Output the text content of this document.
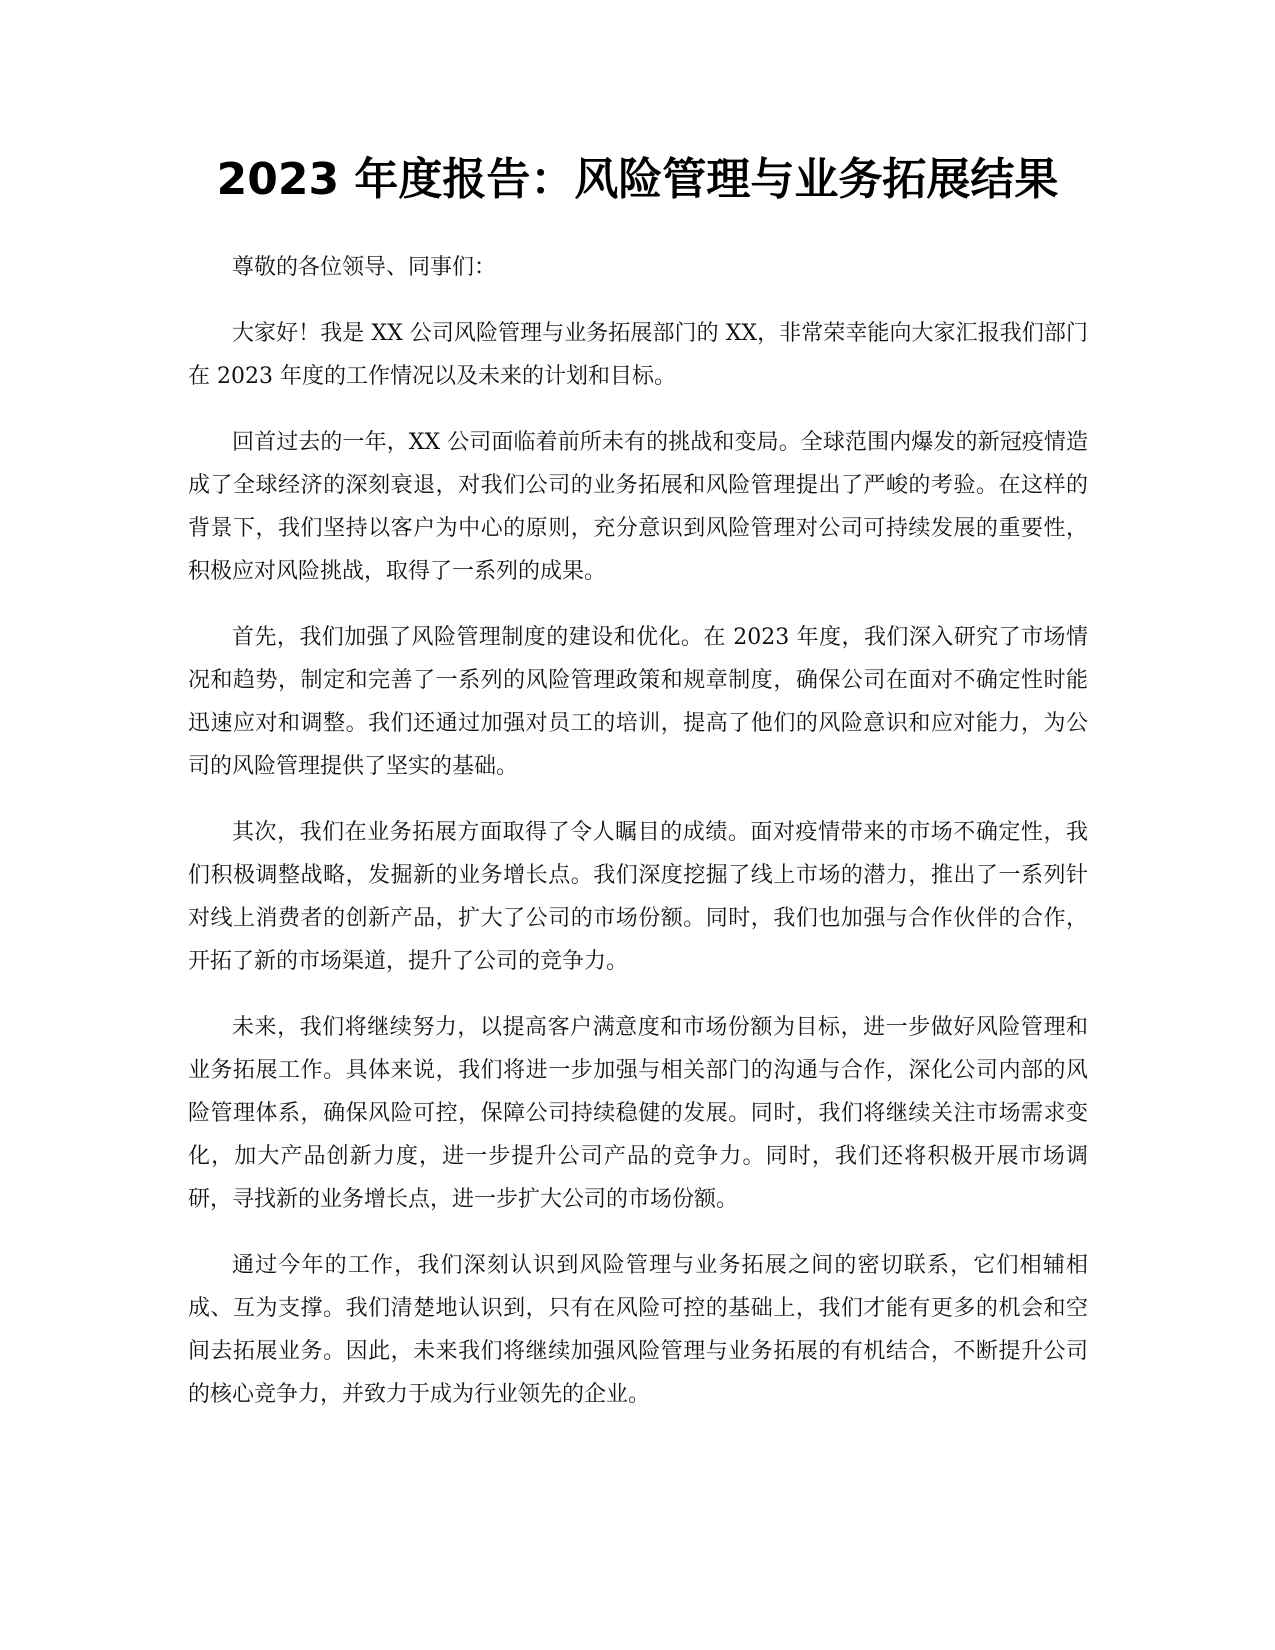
2023 年度报告：风险管理与业务拓展结果

尊敬的各位领导、同事们：

大家好！我是 XX 公司风险管理与业务拓展部门的 XX，非常荣幸能向大家汇报我们部门在 2023 年度的工作情况以及未来的计划和目标。

回首过去的一年，XX 公司面临着前所未有的挑战和变局。全球范围内爆发的新冠疫情造成了全球经济的深刻衰退，对我们公司的业务拓展和风险管理提出了严峻的考验。在这样的背景下，我们坚持以客户为中心的原则，充分意识到风险管理对公司可持续发展的重要性，积极应对风险挑战，取得了一系列的成果。

首先，我们加强了风险管理制度的建设和优化。在 2023 年度，我们深入研究了市场情况和趋势，制定和完善了一系列的风险管理政策和规章制度，确保公司在面对不确定性时能迅速应对和调整。我们还通过加强对员工的培训，提高了他们的风险意识和应对能力，为公司的风险管理提供了坚实的基础。

其次，我们在业务拓展方面取得了令人瞩目的成绩。面对疫情带来的市场不确定性，我们积极调整战略，发掘新的业务增长点。我们深度挖掘了线上市场的潜力，推出了一系列针对线上消费者的创新产品，扩大了公司的市场份额。同时，我们也加强与合作伙伴的合作，开拓了新的市场渠道，提升了公司的竞争力。

未来，我们将继续努力，以提高客户满意度和市场份额为目标，进一步做好风险管理和业务拓展工作。具体来说，我们将进一步加强与相关部门的沟通与合作，深化公司内部的风险管理体系，确保风险可控，保障公司持续稳健的发展。同时，我们将继续关注市场需求变化，加大产品创新力度，进一步提升公司产品的竞争力。同时，我们还将积极开展市场调研，寻找新的业务增长点，进一步扩大公司的市场份额。

通过今年的工作，我们深刻认识到风险管理与业务拓展之间的密切联系，它们相辅相成、互为支撑。我们清楚地认识到，只有在风险可控的基础上，我们才能有更多的机会和空间去拓展业务。因此，未来我们将继续加强风险管理与业务拓展的有机结合，不断提升公司的核心竞争力，并致力于成为行业领先的企业。
